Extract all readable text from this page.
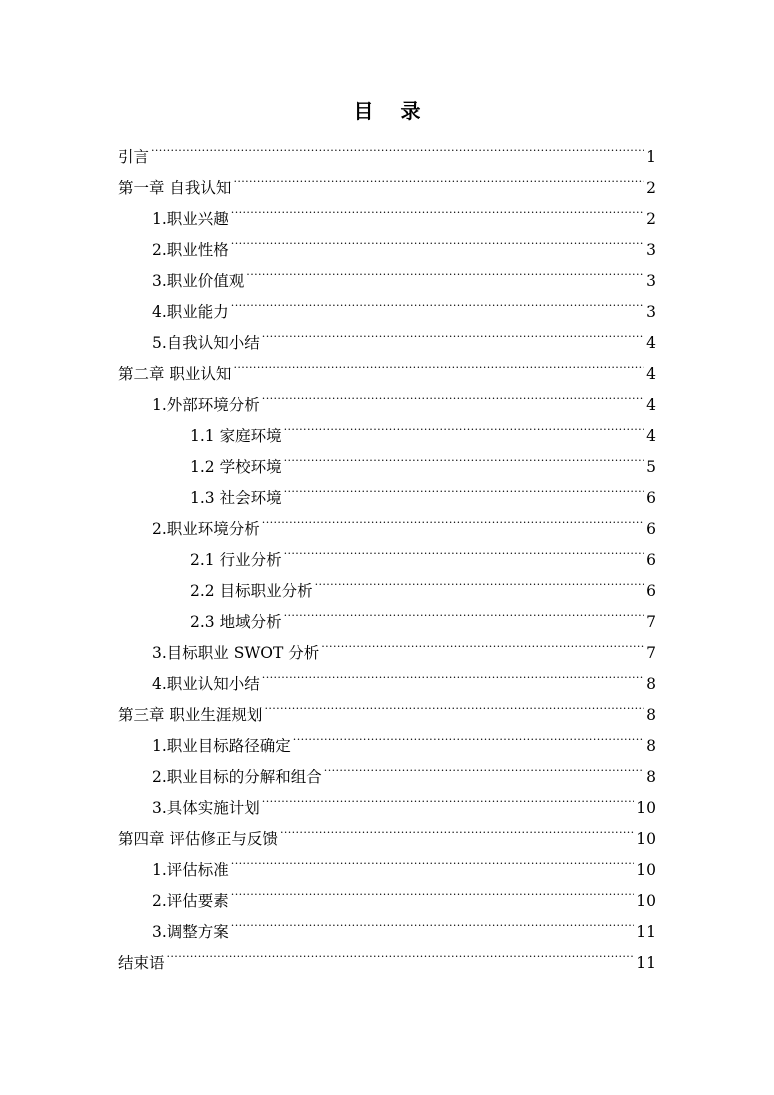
目 录
引言 .....	1
第一章 自我认知 .....	2
1.职业兴趣 .....	2
2.职业性格 .....	3
3.职业价值观 .....	3
4.职业能力 .....	3
5.自我认知小结 .....	4
第二章 职业认知 .....	4
1.外部环境分析 .....	4
1.1 家庭环境 .....	4
1.2 学校环境 .....	5
1.3 社会环境 .....	6
2.职业环境分析 .....	6
2.1 行业分析 .....	6
2.2 目标职业分析 .....	6
2.3 地域分析 .....	7
3.目标职业 SWOT 分析 .....	7
4.职业认知小结 .....	8
第三章 职业生涯规划 .....	8
1.职业目标路径确定 .....	8
2.职业目标的分解和组合 .....	8
3.具体实施计划 .....	10
第四章 评估修正与反馈 .....	10
1.评估标准 .....	10
2.评估要素 .....	10
3.调整方案 .....	11
结束语 .....	11
